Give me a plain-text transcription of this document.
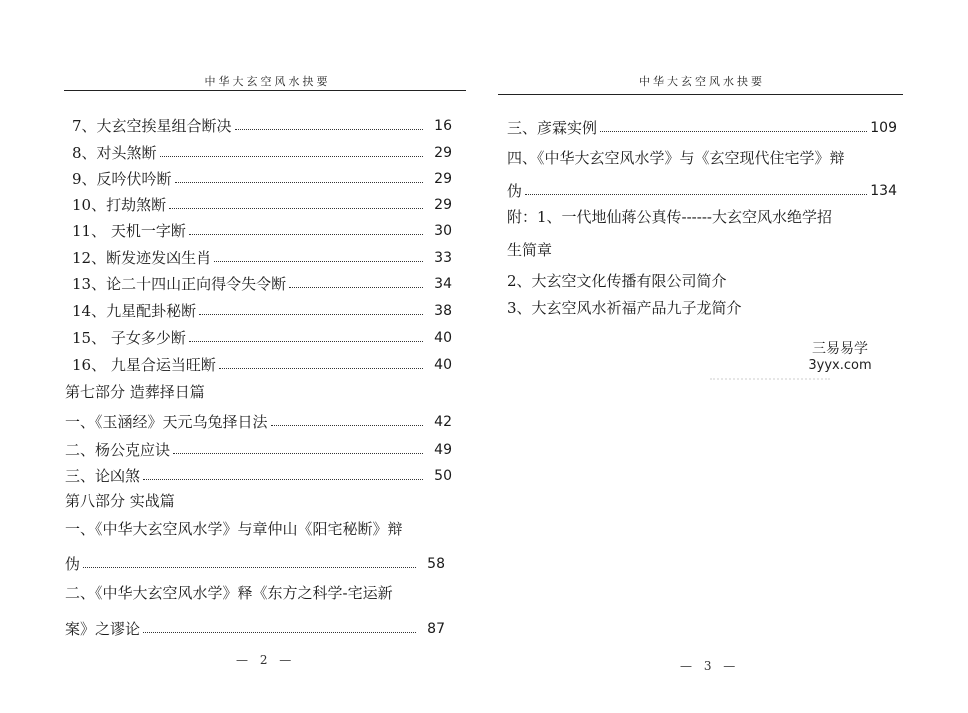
中华大玄空风水抉要
7、大玄空挨星组合断决	16
8、对头煞断	29
9、反吟伏吟断	29
10、打劫煞断	29
11、 天机一字断	30
12、断发迹发凶生肖	33
13、论二十四山正向得令失令断	34
14、九星配卦秘断	38
15、 子女多少断	40
16、 九星合运当旺断	40
第七部分 造葬择日篇
一、《玉涵经》天元乌兔择日法	42
二、杨公克应诀	49
三、论凶煞	50
第八部分 实战篇
一、《中华大玄空风水学》与章仲山《阳宅秘断》辩
伪	58
二、《中华大玄空风水学》释《东方之科学-宅运新
案》之谬论	87
— 2 —
中华大玄空风水抉要
三、彦霖实例	109
四、《中华大玄空风水学》与《玄空现代住宅学》辩
伪	134
附：1、一代地仙蒋公真传------大玄空风水绝学招
生简章
2、大玄空文化传播有限公司简介
3、大玄空风水祈福产品九子龙简介
三易易学
3yyx.com
— 3 —
